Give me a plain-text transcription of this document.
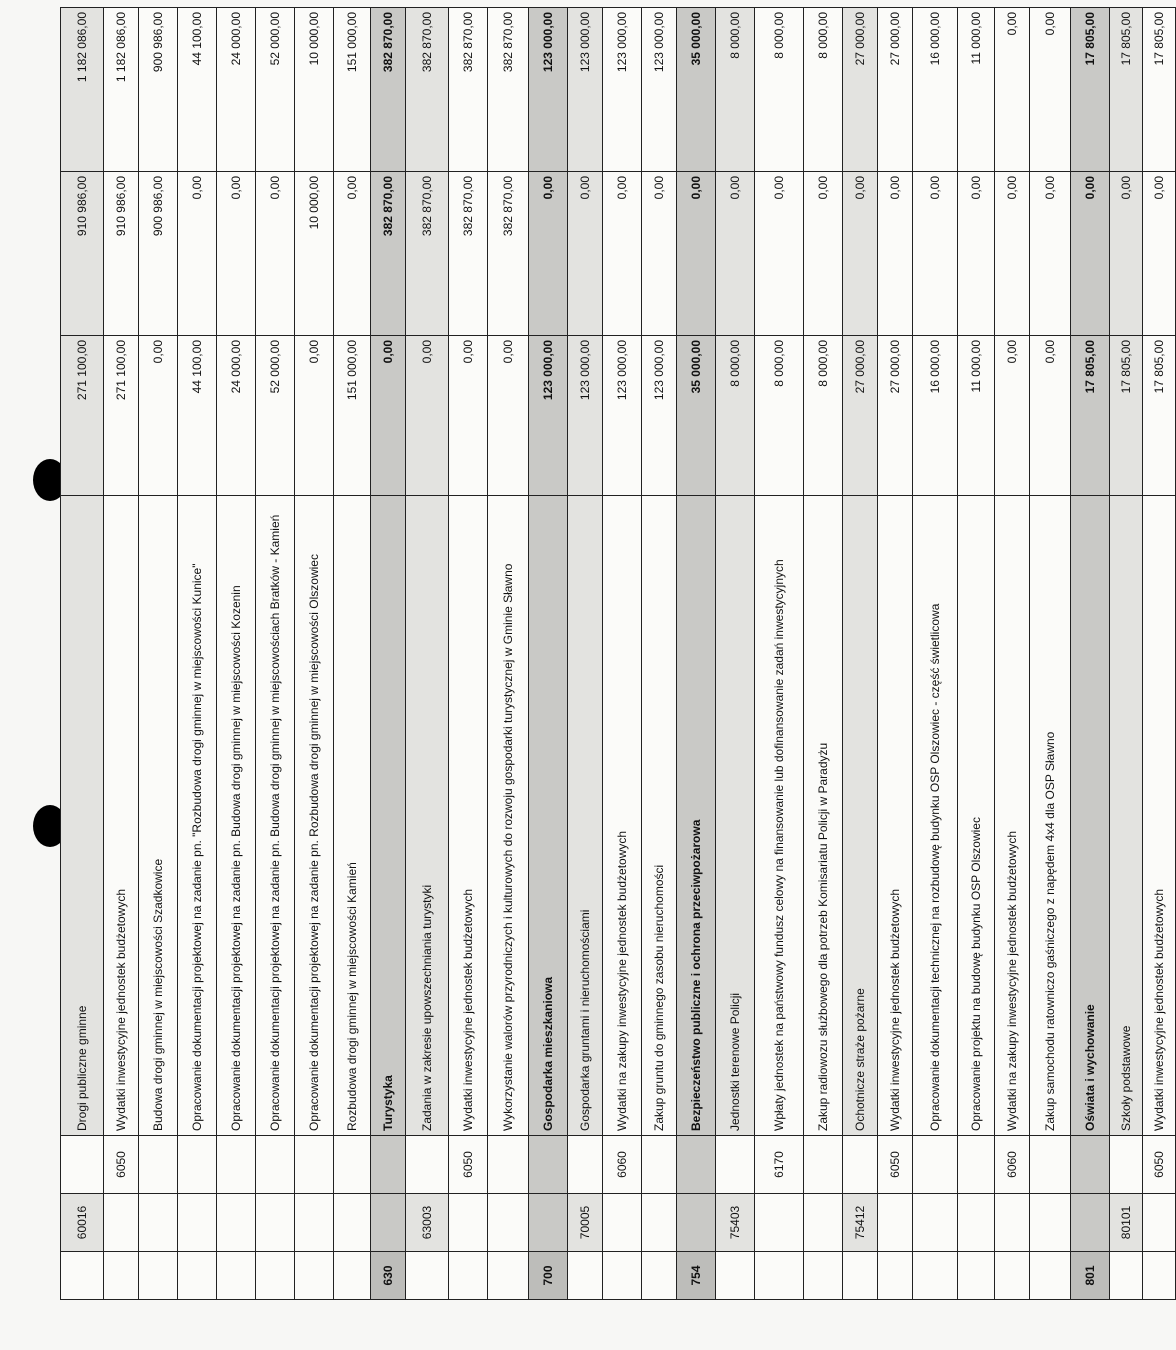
	60016		Drogi publiczne gminne	271 100,00	910 986,00	1 182 086,00
		6050	Wydatki inwestycyjne jednostek budżetowych	271 100,00	910 986,00	1 182 086,00
			Budowa drogi gminnej w miejscowości Szadkowice	0,00	900 986,00	900 986,00
			Opracowanie dokumentacji projektowej na zadanie pn. "Rozbudowa drogi gminnej w miejscowości Kunice"	44 100,00	0,00	44 100,00
			Opracowanie dokumentacji projektowej na zadanie pn. Budowa drogi gminnej w miejscowości Kozenin	24 000,00	0,00	24 000,00
			Opracowanie dokumentacji projektowej na zadanie pn. Budowa drogi gminnej w miejscowościach Bratków - Kamień	52 000,00	0,00	52 000,00
			Opracowanie dokumentacji projektowej na zadanie pn. Rozbudowa drogi gminnej w miejscowości Olszowiec	0,00	10 000,00	10 000,00
			Rozbudowa drogi gminnej w miejscowości Kamień	151 000,00	0,00	151 000,00
630			Turystyka	0,00	382 870,00	382 870,00
	63003		Zadania w zakresie upowszechniania turystyki	0,00	382 870,00	382 870,00
		6050	Wydatki inwestycyjne jednostek budżetowych	0,00	382 870,00	382 870,00
			Wykorzystanie walorów przyrodniczych i kulturowych do rozwoju gospodarki turystycznej w Gminie Sławno	0,00	382 870,00	382 870,00
700			Gospodarka mieszkaniowa	123 000,00	0,00	123 000,00
	70005		Gospodarka gruntami i nieruchomościami	123 000,00	0,00	123 000,00
		6060	Wydatki na zakupy inwestycyjne jednostek budżetowych	123 000,00	0,00	123 000,00
			Zakup gruntu do gminnego zasobu nieruchomości	123 000,00	0,00	123 000,00
754			Bezpieczeństwo publiczne i ochrona przeciwpożarowa	35 000,00	0,00	35 000,00
	75403		Jednostki terenowe Policji	8 000,00	0,00	8 000,00
		6170	Wpłaty jednostek na państwowy fundusz celowy na finansowanie lub dofinansowanie zadań inwestycyjnych	8 000,00	0,00	8 000,00
			Zakup radiowozu służbowego dla potrzeb Komisariatu Policji w Paradyżu	8 000,00	0,00	8 000,00
	75412		Ochotnicze straże pożarne	27 000,00	0,00	27 000,00
		6050	Wydatki inwestycyjne jednostek budżetowych	27 000,00	0,00	27 000,00
			Opracowanie dokumentacji technicznej na rozbudowę budynku OSP Olszowiec - część świetlicowa	16 000,00	0,00	16 000,00
			Opracowanie projektu na budowę budynku OSP Olszowiec	11 000,00	0,00	11 000,00
		6060	Wydatki na zakupy inwestycyjne jednostek budżetowych	0,00	0,00	0,00
			Zakup samochodu ratowniczo gaśniczego z napędem 4x4 dla OSP Sławno	0,00	0,00	0,00
801			Oświata i wychowanie	17 805,00	0,00	17 805,00
	80101		Szkoły podstawowe	17 805,00	0,00	17 805,00
		6050	Wydatki inwestycyjne jednostek budżetowych	17 805,00	0,00	17 805,00
